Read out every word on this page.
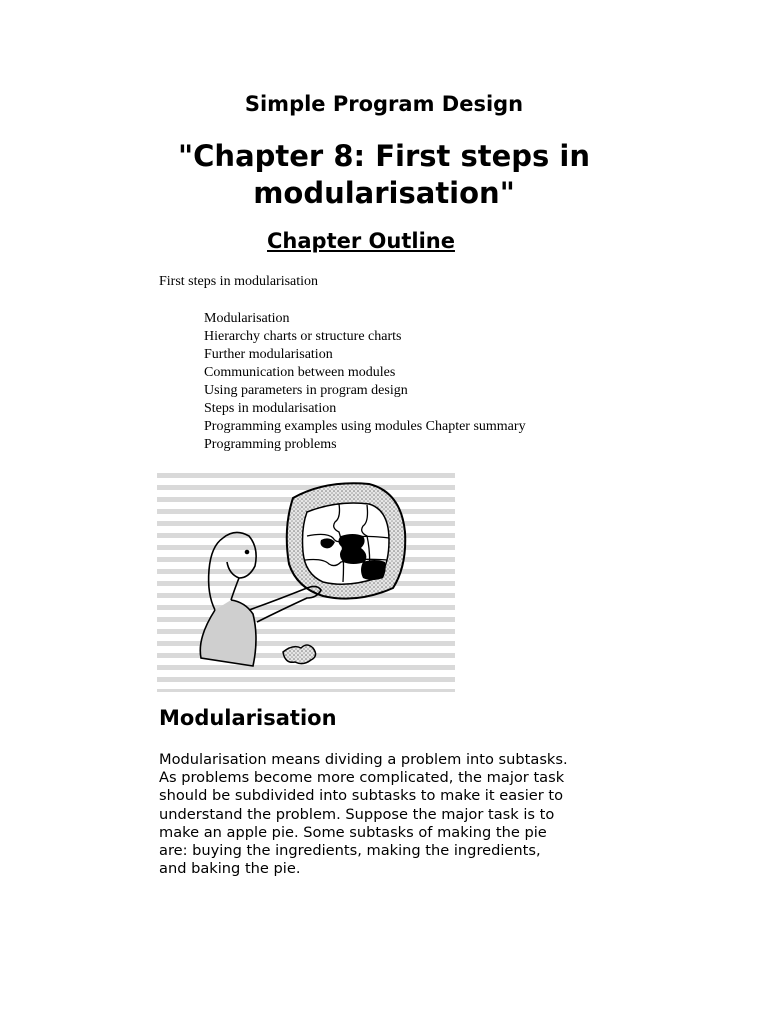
Simple Program Design
"Chapter 8: First steps in modularisation"
Chapter Outline

First steps in modularisation

Modularisation
Hierarchy charts or structure charts
Further modularisation
Communication between modules
Using parameters in program design
Steps in modularisation
Programming examples using modules Chapter summary
Programming problems
Modularisation

Modularisation means dividing a problem into subtasks. As problems become more complicated, the major task should be subdivided into subtasks to make it easier to understand the problem. Suppose the major task is to make an apple pie. Some subtasks of making the pie are: buying the ingredients, making the ingredients, and baking the pie.
